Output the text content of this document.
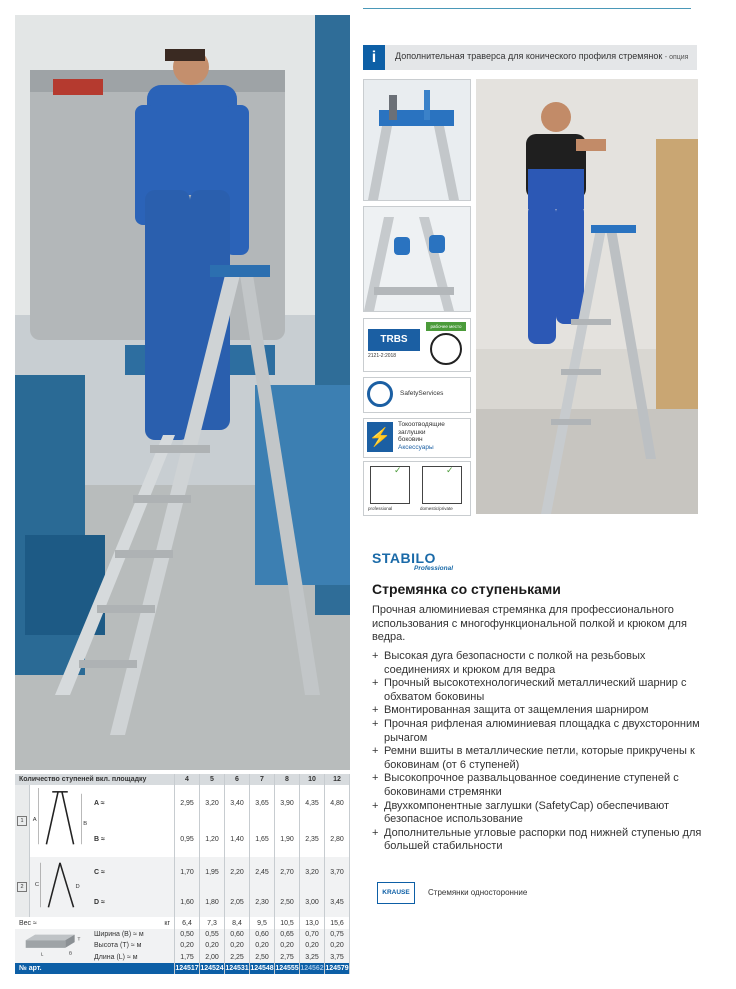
i	Дополнительная траверса для конического профиля стремянок - опция
TRBS
2121-2:2018
рабочее место
SafetyServices
⚡
Токоотводящие
заглушки
боковин
Аксессуары
✓	✓
professional	domestic/private
STABILO
Professional
Стремянка со ступеньками
Прочная алюминиевая стремянка для профессионального использования с многофункциональной полкой и крюком для ведра.
+ Высокая дуга безопасности с полкой на резьбовых соединениях и крюком для ведра
+ Прочный высокотехнологический металлический шарнир с обхватом боковины
+ Вмонтированная защита от защемления шарниром
+ Прочная рифленая алюминиевая площадка с двухсторонним рычагом
+ Ремни вшиты в металлические петли, которые прикручены к боковинам (от 6 ступеней)
+ Высокопрочное развальцованное соединение ступеней с боковинами стремянки
+ Двухкомпонентные заглушки (SafetyCap) обеспечивают безопасное использование
+ Дополнительные угловые распорки под нижней ступенью для большей стабильности
KRAUSE	Стремянки односторонние
Количество ступеней вкл. площадку			4	5	6	7	8	10	12
1	A
B	A ≈	2,95	3,20	3,40	3,65	3,90	4,35	4,80
		B ≈	0,95	1,20	1,40	1,65	1,90	2,35	2,80
2	C D	C ≈	1,70	1,95	2,20	2,45	2,70	3,20	3,70
		D ≈	1,60	1,80	2,05	2,30	2,50	3,00	3,45
Вес ≈ кг			6,4	7,3	8,4	9,5	10,5	13,0	15,6

T
L B		Ширина (B) ≈ м	0,50	0,55	0,60	0,60	0,65	0,70	0,75
		Высота (T) ≈ м	0,20	0,20	0,20	0,20	0,20	0,20	0,20
		Длина (L) ≈ м	1,75	2,00	2,25	2,50	2,75	3,25	3,75
№ арт.			124517	124524	124531	124548	124555	124562	124579
